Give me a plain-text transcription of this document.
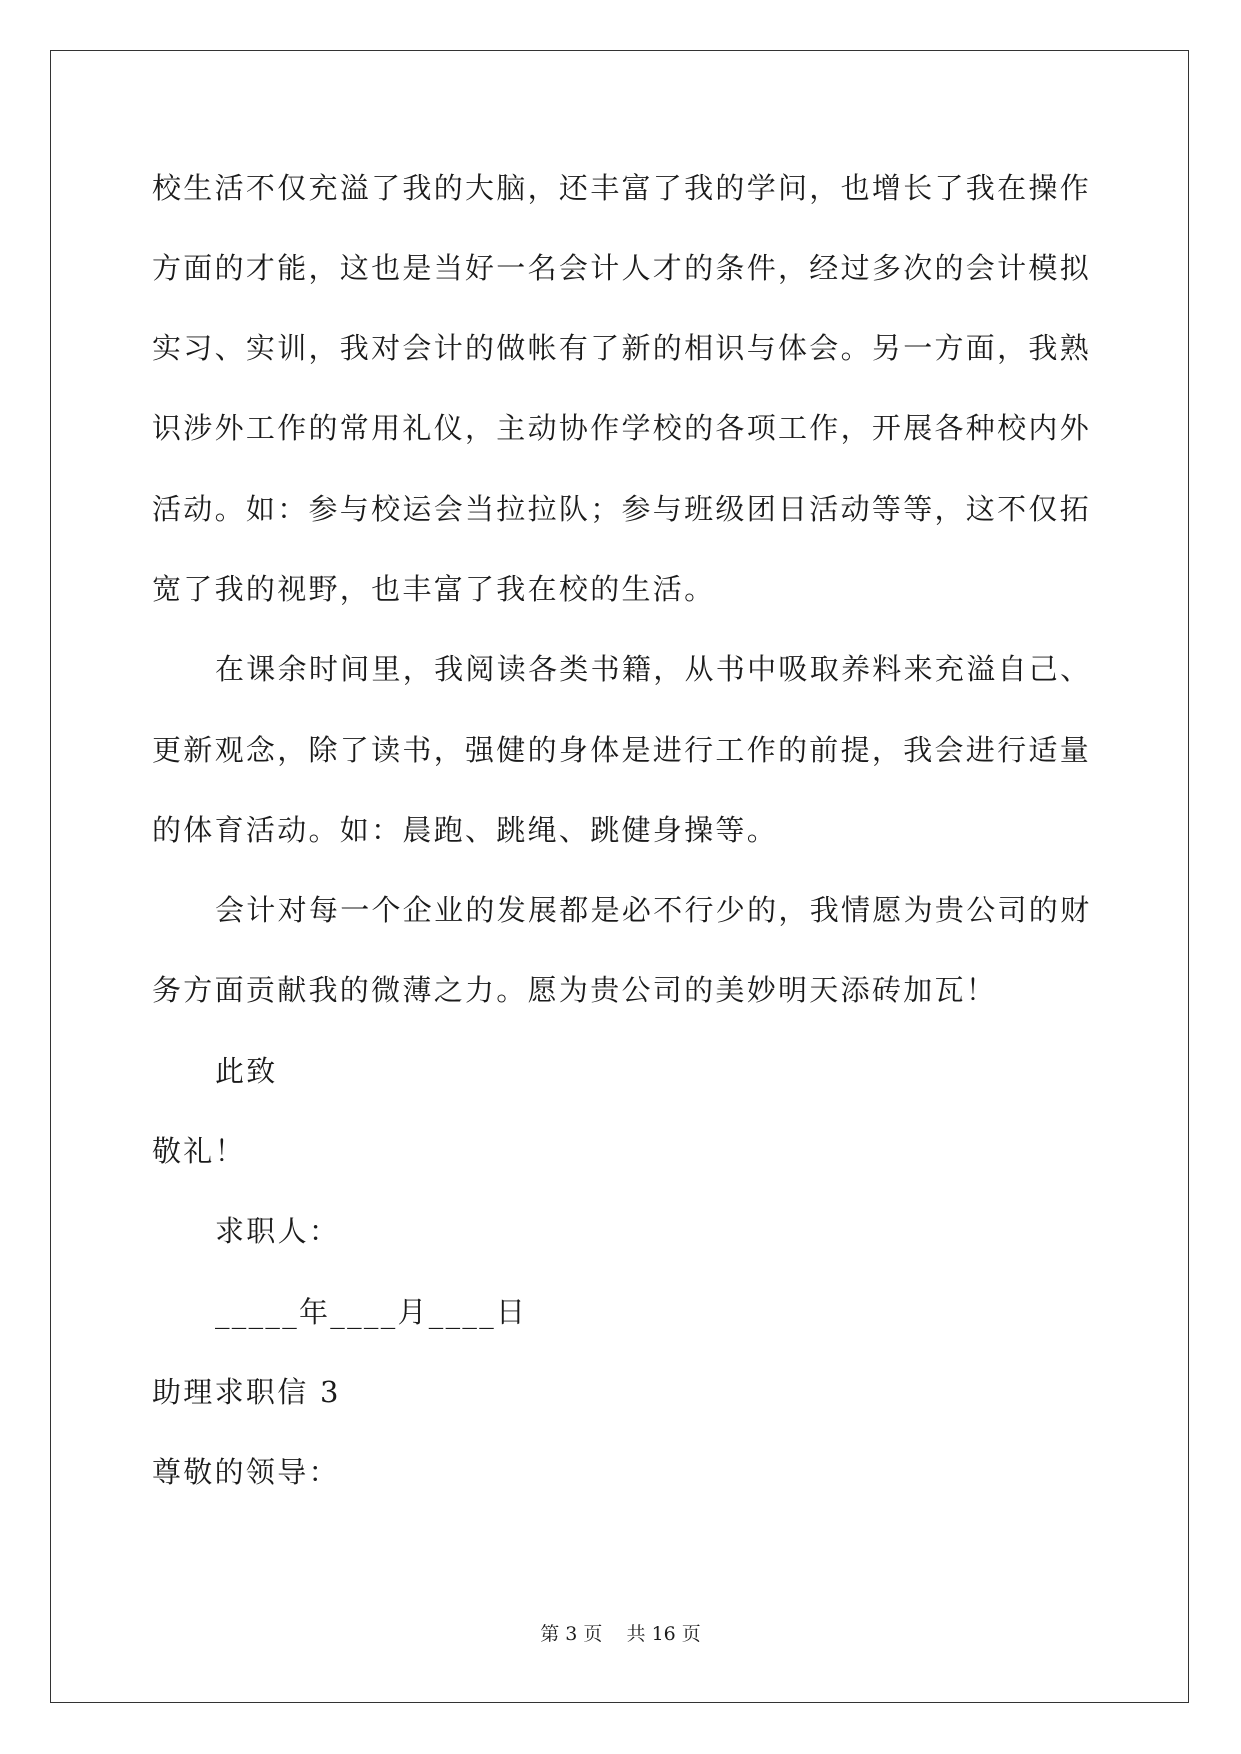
校生活不仅充溢了我的大脑，还丰富了我的学问，也增长了我在操作
方面的才能，这也是当好一名会计人才的条件，经过多次的会计模拟
实习、实训，我对会计的做帐有了新的相识与体会。另一方面，我熟
识涉外工作的常用礼仪，主动协作学校的各项工作，开展各种校内外
活动。如：参与校运会当拉拉队；参与班级团日活动等等，这不仅拓
宽了我的视野，也丰富了我在校的生活。
在课余时间里，我阅读各类书籍，从书中吸取养料来充溢自己、
更新观念，除了读书，强健的身体是进行工作的前提，我会进行适量
的体育活动。如：晨跑、跳绳、跳健身操等。
会计对每一个企业的发展都是必不行少的，我情愿为贵公司的财
务方面贡献我的微薄之力。愿为贵公司的美妙明天添砖加瓦！
此致
敬礼！
求职人：
_____年____月____日
助理求职信 3
尊敬的领导：
第 3 页    共 16 页
